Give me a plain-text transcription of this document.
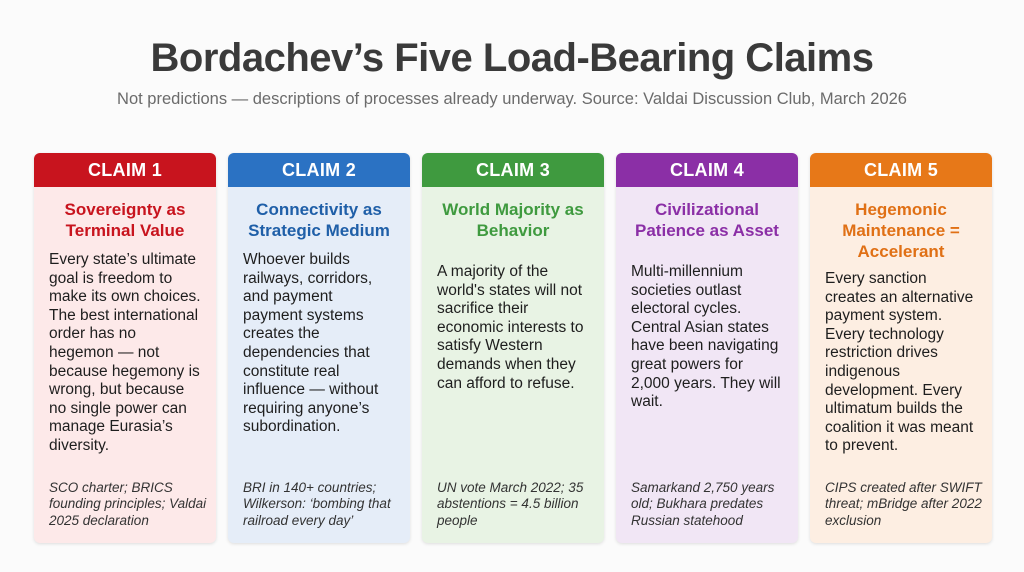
Bordachev’s Five Load-Bearing Claims
Not predictions — descriptions of processes already underway. Source: Valdai Discussion Club, March 2026
CLAIM 1
Sovereignty as Terminal Value
Every state’s ultimate goal is freedom to make its own choices. The best international order has no hegemon — not because hegemony is wrong, but because no single power can manage Eurasia’s diversity.
SCO charter; BRICS founding principles; Valdai 2025 declaration
CLAIM 2
Connectivity as Strategic Medium
Whoever builds railways, corridors, and payment payment systems creates the dependencies that constitute real influence — without requiring anyone’s subordination.
BRI in 140+ countries; Wilkerson: ‘bombing that railroad every day’
CLAIM 3
World Majority as Behavior
A majority of the world's states will not sacrifice their economic interests to satisfy Western demands when they can afford to refuse.
UN vote March 2022; 35 abstentions = 4.5 billion people
CLAIM 4
Civilizational Patience as Asset
Multi-millennium societies outlast electoral cycles. Central Asian states have been navigating great powers for 2,000 years. They will wait.
Samarkand 2,750 years old; Bukhara predates Russian statehood
CLAIM 5
Hegemonic Maintenance = Accelerant
Every sanction creates an alternative payment system. Every technology restriction drives indigenous development. Every ultimatum builds the coalition it was meant to prevent.
CIPS created after SWIFT threat; mBridge after 2022 exclusion
